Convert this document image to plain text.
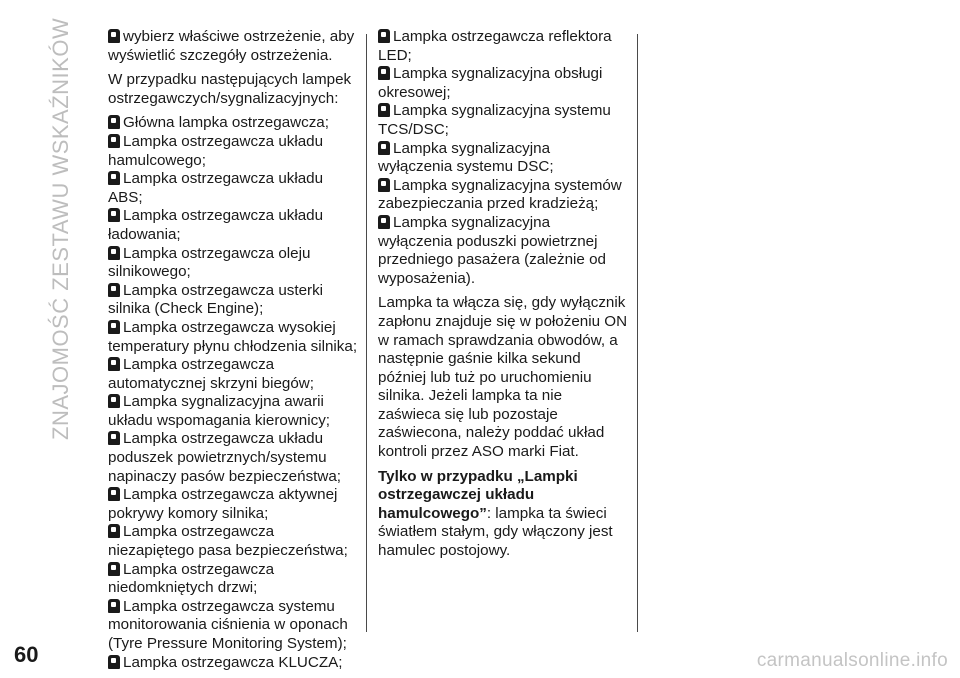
ZNAJOMOŚĆ ZESTAWU WSKAŹNIKÓW	wybierz właściwe ostrzeżenie, aby wyświetlić szczegóły ostrzeżenia.

W przypadku następujących lampek ostrzegawczych/sygnalizacyjnych:

Główna lampka ostrzegawcza;
Lampka ostrzegawcza układu hamulcowego;
Lampka ostrzegawcza układu ABS;
Lampka ostrzegawcza układu ładowania;
Lampka ostrzegawcza oleju silnikowego;
Lampka ostrzegawcza usterki silnika (Check Engine);
Lampka ostrzegawcza wysokiej temperatury płynu chłodzenia silnika;
Lampka ostrzegawcza automatycznej skrzyni biegów;
Lampka sygnalizacyjna awarii układu wspomagania kierownicy;
Lampka ostrzegawcza układu poduszek powietrznych/systemu napinaczy pasów bezpieczeństwa;
Lampka ostrzegawcza aktywnej pokrywy komory silnika;
Lampka ostrzegawcza niezapiętego pasa bezpieczeństwa;
Lampka ostrzegawcza niedomkniętych drzwi;
Lampka ostrzegawcza systemu monitorowania ciśnienia w oponach (Tyre Pressure Monitoring System);
Lampka ostrzegawcza KLUCZA;
Lampka ostrzegawcza reflektora LED;
Lampka sygnalizacyjna obsługi okresowej;
Lampka sygnalizacyjna systemu TCS/DSC;
Lampka sygnalizacyjna wyłączenia systemu DSC;
Lampka sygnalizacyjna systemów zabezpieczania przed kradzieżą;
Lampka sygnalizacyjna wyłączenia poduszki powietrznej przedniego pasażera (zależnie od wyposażenia).

Lampka ta włącza się, gdy wyłącznik zapłonu znajduje się w położeniu ON w ramach sprawdzania obwodów, a następnie gaśnie kilka sekund później lub tuż po uruchomieniu silnika. Jeżeli lampka ta nie zaświeca się lub pozostaje zaświecona, należy poddać układ kontroli przez ASO marki Fiat.

Tylko w przypadku „Lampki ostrzegawczej układu hamulcowego”: lampka ta świeci światłem stałym, gdy włączony jest hamulec postojowy.

60	carmanualsonline.info
